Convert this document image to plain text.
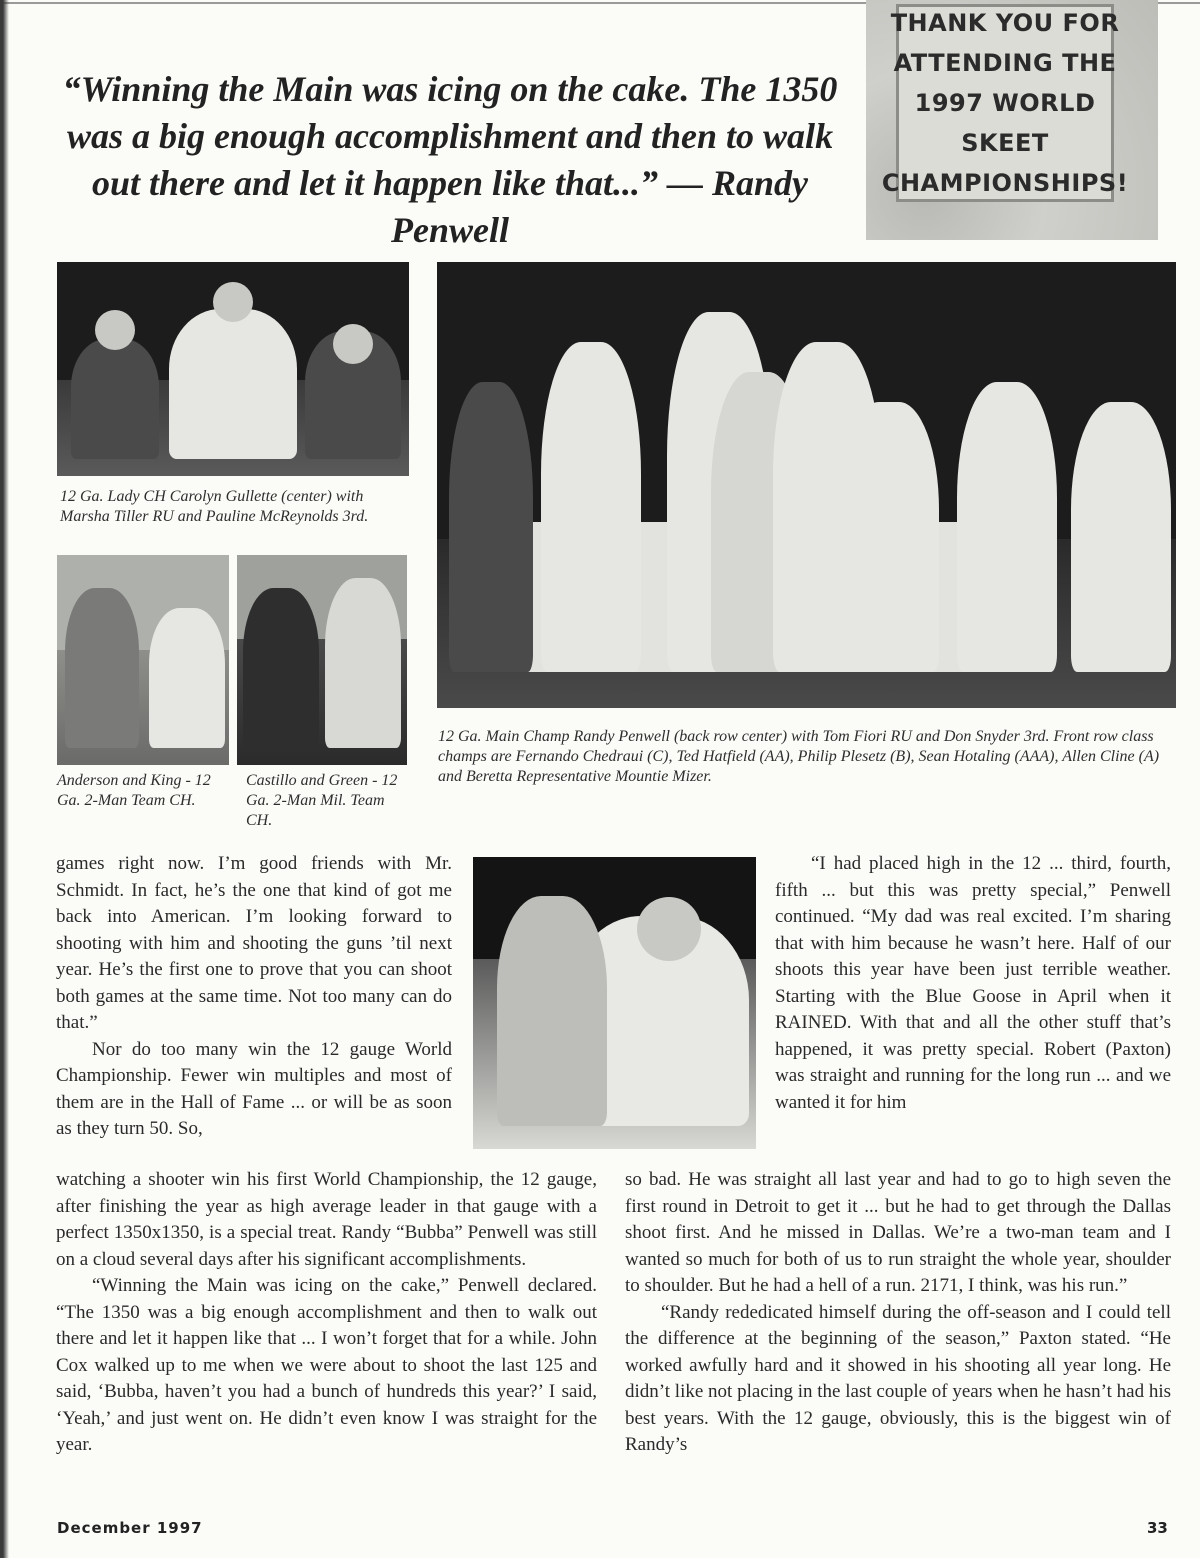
“Winning the Main was icing on the cake. The 1350 was a big enough accomplishment and then to walk out there and let it happen like that...” — Randy Penwell
THANK YOU FOR
ATTENDING THE
1997 WORLD SKEET
CHAMPIONSHIPS!

12 Ga. Lady CH Carolyn Gullette (center) with Marsha Tiller RU and Pauline McReynolds 3rd.

12 Ga. Main Champ Randy Penwell (back row center) with Tom Fiori RU and Don Snyder 3rd. Front row class champs are Fernando Chedraui (C), Ted Hatfield (AA), Philip Plesetz (B), Sean Hotaling (AAA), Allen Cline (A) and Beretta Representative Mountie Mizer.

Anderson and King - 12 Ga. 2-Man Team CH.

Castillo and Green - 12 Ga. 2-Man Mil. Team CH.

games right now. I’m good friends with Mr. Schmidt. In fact, he’s the one that kind of got me back into American. I’m looking forward to shooting with him and shooting the guns ’til next year. He’s the first one to prove that you can shoot both games at the same time. Not too many can do that.”
Nor do too many win the 12 gauge World Championship. Fewer win multiples and most of them are in the Hall of Fame ... or will be as soon as they turn 50. So,
watching a shooter win his first World Championship, the 12 gauge, after finishing the year as high average leader in that gauge with a perfect 1350x1350, is a special treat. Randy “Bubba” Penwell was still on a cloud several days after his significant accomplishments.
“Winning the Main was icing on the cake,” Penwell declared. “The 1350 was a big enough accomplishment and then to walk out there and let it happen like that ... I won’t forget that for a while. John Cox walked up to me when we were about to shoot the last 125 and said, ‘Bubba, haven’t you had a bunch of hundreds this year?’ I said, ‘Yeah,’ and just went on. He didn’t even know I was straight for the year.
“I had placed high in the 12 ... third, fourth, fifth ... but this was pretty special,” Penwell continued. “My dad was real excited. I’m sharing that with him because he wasn’t here. Half of our shoots this year have been just terrible weather. Starting with the Blue Goose in April when it RAINED. With that and all the other stuff that’s happened, it was pretty special. Robert (Paxton) was straight and running for the long run ... and we wanted it for him
so bad. He was straight all last year and had to go to high seven the first round in Detroit to get it ... but he had to get through the Dallas shoot first. And he missed in Dallas. We’re a two-man team and I wanted so much for both of us to run straight the whole year, shoulder to shoulder. But he had a hell of a run. 2171, I think, was his run.”
“Randy rededicated himself during the off-season and I could tell the difference at the beginning of the season,” Paxton stated. “He worked awfully hard and it showed in his shooting all year long. He didn’t like not placing in the last couple of years when he hasn’t had his best years. With the 12 gauge, obviously, this is the biggest win of Randy’s

December 1997	33
